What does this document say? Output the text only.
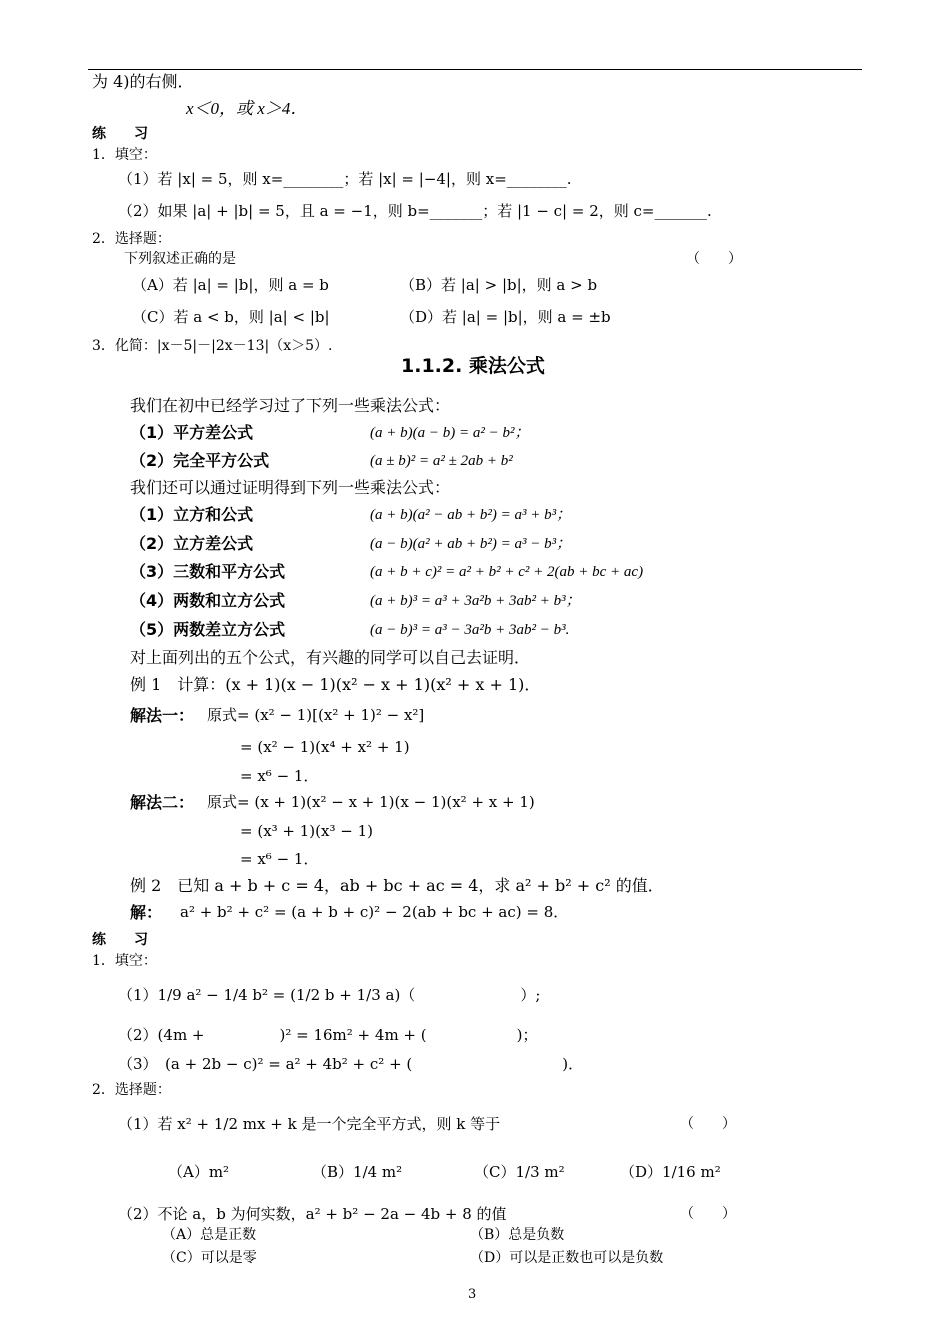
为 4)的右侧．
x＜0，或 x＞4．
练　　习
1．填空：
（1）若 |x| = 5，则 x=________；若 |x| = |−4|，则 x=________.
（2）如果 |a| + |b| = 5，且 a = −1，则 b=_______；若 |1 − c| = 2，则 c=_______.
2．选择题：
下列叙述正确的是	（　　）
（A）若 |a| = |b|，则 a = b	（B）若 |a| > |b|，则 a > b
（C）若 a < b，则 |a| < |b|	（D）若 |a| = |b|，则 a = ±b
3．化简：|x－5|－|2x－13|（x＞5）.
1.1.2. 乘法公式
我们在初中已经学习过了下列一些乘法公式：
（1）平方差公式	(a + b)(a − b) = a² − b²；
（2）完全平方公式	(a ± b)² = a² ± 2ab + b²
我们还可以通过证明得到下列一些乘法公式：
（1）立方和公式	(a + b)(a² − ab + b²) = a³ + b³；
（2）立方差公式	(a − b)(a² + ab + b²) = a³ − b³；
（3）三数和平方公式	(a + b + c)² = a² + b² + c² + 2(ab + bc + ac)
（4）两数和立方公式	(a + b)³ = a³ + 3a²b + 3ab² + b³；
（5）两数差立方公式	(a − b)³ = a³ − 3a²b + 3ab² − b³.
对上面列出的五个公式，有兴趣的同学可以自己去证明．
例 1　计算：(x + 1)(x − 1)(x² − x + 1)(x² + x + 1)．
解法一： 原式= (x² − 1)[(x² + 1)² − x²]
= (x² − 1)(x⁴ + x² + 1)
= x⁶ − 1．
解法二： 原式= (x + 1)(x² − x + 1)(x − 1)(x² + x + 1)
= (x³ + 1)(x³ − 1)
= x⁶ − 1．
例 2　已知 a + b + c = 4，ab + bc + ac = 4，求 a² + b² + c² 的值．
解： a² + b² + c² = (a + b + c)² − 2(ab + bc + ac) = 8．
练　　习
1．填空：
（1）1/9 a² − 1/4 b² = (1/2 b + 1/3 a)（　　　　　　　）;
（2）(4m +　　　　　)² = 16m² + 4m + (　　　　　　)；
（3）　(a + 2b − c)² = a² + 4b² + c² + (　　　　　　　　　　)．
2．选择题：
（1）若 x² + 1/2 mx + k 是一个完全平方式，则 k 等于	（　　）
（A）m²	（B）1/4 m²	（C）1/3 m²	（D）1/16 m²
（2）不论 a，b 为何实数，a² + b² − 2a − 4b + 8 的值	（　　）
（A）总是正数	（B）总是负数
（C）可以是零	（D）可以是正数也可以是负数
3
